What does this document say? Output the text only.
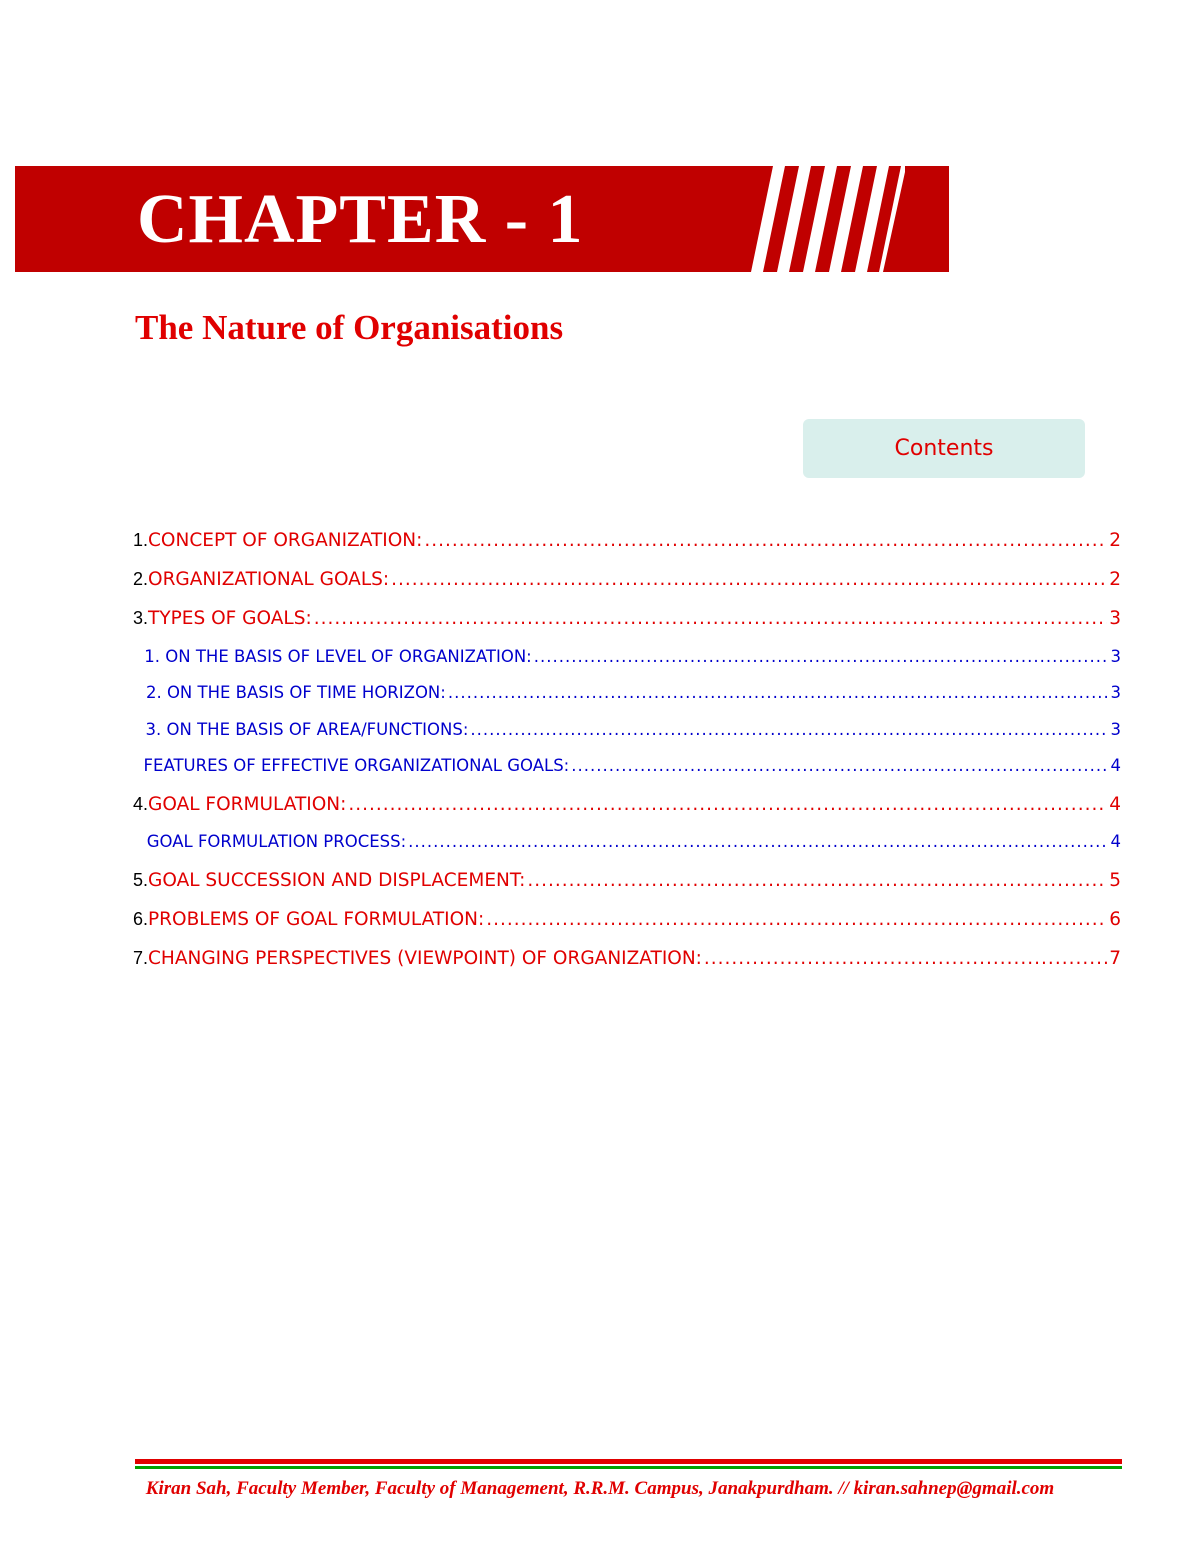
CHAPTER - 1
The Nature of Organisations
Contents
1. CONCEPT OF ORGANIZATION: .....	2
2. ORGANIZATIONAL GOALS: .....	2
3. TYPES OF GOALS: .....	3
1. ON THE BASIS OF LEVEL OF ORGANIZATION: .....	3
2. ON THE BASIS OF TIME HORIZON: .....	3
3. ON THE BASIS OF AREA/FUNCTIONS: .....	3
FEATURES OF EFFECTIVE ORGANIZATIONAL GOALS: .....	4
4. GOAL FORMULATION: .....	4
GOAL FORMULATION PROCESS: .....	4
5. GOAL SUCCESSION AND DISPLACEMENT: .....	5
6. PROBLEMS OF GOAL FORMULATION: .....	6
7. CHANGING PERSPECTIVES (VIEWPOINT) OF ORGANIZATION: .....	7
Kiran Sah, Faculty Member, Faculty of Management, R.R.M. Campus, Janakpurdham. // kiran.sahnep@gmail.com
